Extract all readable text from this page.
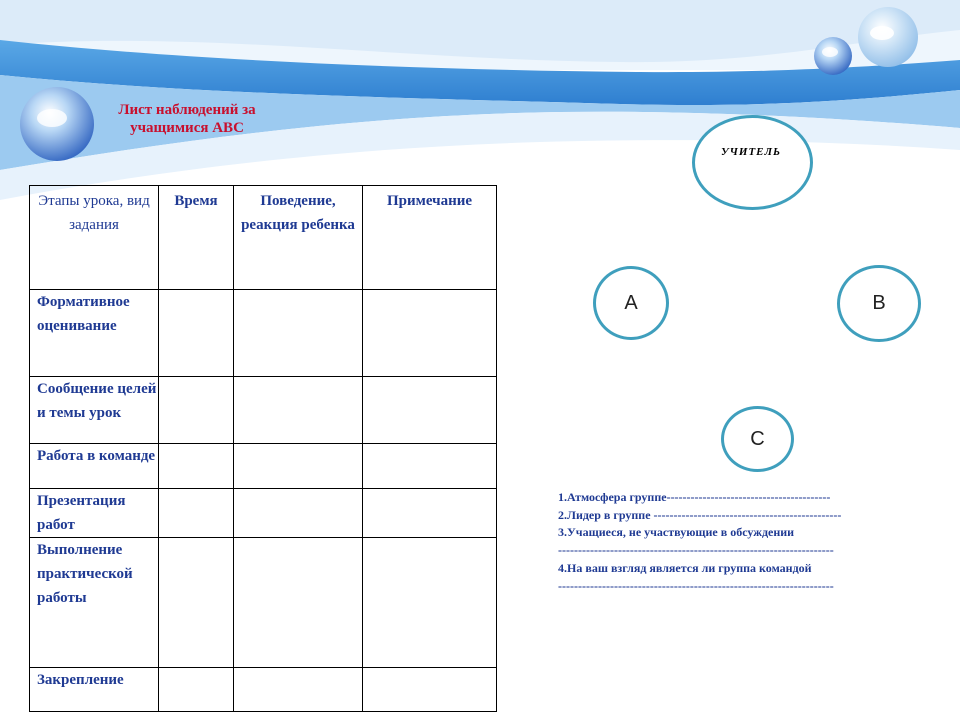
Лист наблюдений за учащимися ABC
Этапы урока, вид задания	Время	Поведение, реакция ребенка	Примечание
Формативное оценивание			
Сообщение целей и темы урок			
Работа в команде			
Презентация работ			
Выполнение практической работы			
Закрепление			
УЧИТЕЛЬ
A	B
C
1.Атмосфера группе-----------------------------------------
2.Лидер в группе -----------------------------------------------
3.Учащиеся, не участвующие в обсуждении
---------------------------------------------------------------------
4.На ваш взгляд является ли группа командой
---------------------------------------------------------------------
